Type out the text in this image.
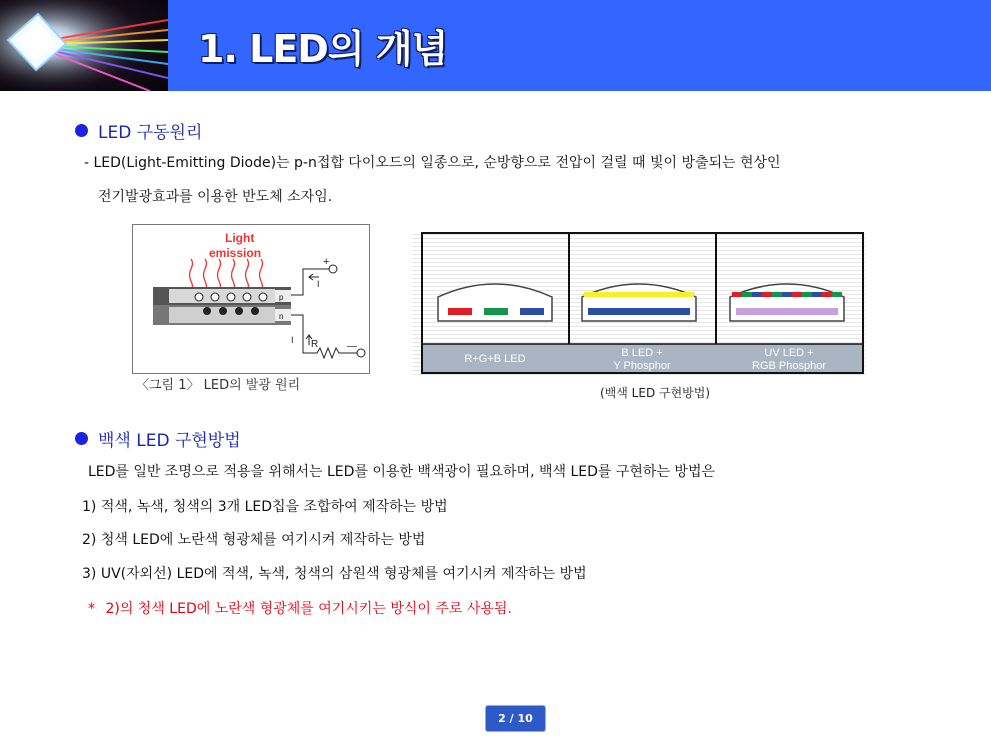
1. LED의 개념
LED 구동원리
- LED(Light-Emitting Diode)는 p-n접합 다이오드의 일종으로, 순방향으로 전압이 걸릴 때 빛이 방출되는 현상인
전기발광효과를 이용한 반도체 소자임.
Light
emission
p
n
+
I
I R	—
〈그림 1〉 LED의 발광 원리
R+G+B LED	B LED +
Y Phosphor
UV LED +
RGB Phosphor
(백색 LED 구현방법)
백색 LED 구현방법
LED를 일반 조명으로 적용을 위해서는 LED를 이용한 백색광이 필요하며, 백색 LED를 구현하는 방법은
1) 적색, 녹색, 청색의 3개 LED칩을 조합하여 제작하는 방법
2) 청색 LED에 노란색 형광체를 여기시켜 제작하는 방법
3) UV(자외선) LED에 적색, 녹색, 청색의 삼원색 형광체를 여기시켜 제작하는 방법
* 2)의 청색 LED에 노란색 형광체를 여기시키는 방식이 주로 사용됨.
2 / 10
